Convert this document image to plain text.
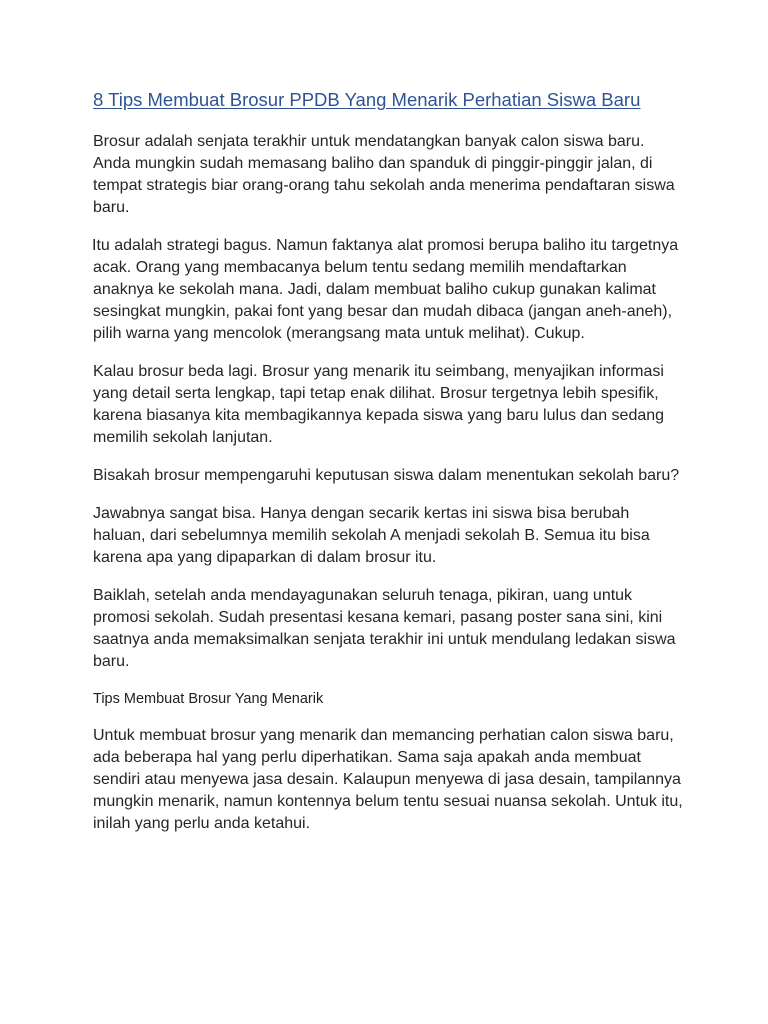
8 Tips Membuat Brosur PPDB Yang Menarik Perhatian Siswa Baru

Brosur adalah senjata terakhir untuk mendatangkan banyak calon siswa baru. Anda mungkin sudah memasang baliho dan spanduk di pinggir-pinggir jalan, di tempat strategis biar orang-orang tahu sekolah anda menerima pendaftaran siswa baru.

Itu adalah strategi bagus. Namun faktanya alat promosi berupa baliho itu targetnya acak. Orang yang membacanya belum tentu sedang memilih mendaftarkan anaknya ke sekolah mana. Jadi, dalam membuat baliho cukup gunakan kalimat sesingkat mungkin, pakai font yang besar dan mudah dibaca (jangan aneh-aneh), pilih warna yang mencolok (merangsang mata untuk melihat). Cukup.

Kalau brosur beda lagi. Brosur yang menarik itu seimbang, menyajikan informasi yang detail serta lengkap, tapi tetap enak dilihat. Brosur tergetnya lebih spesifik, karena biasanya kita membagikannya kepada siswa yang baru lulus dan sedang memilih sekolah lanjutan.

Bisakah brosur mempengaruhi keputusan siswa dalam menentukan sekolah baru?

Jawabnya sangat bisa. Hanya dengan secarik kertas ini siswa bisa berubah haluan, dari sebelumnya memilih sekolah A menjadi sekolah B. Semua itu bisa karena apa yang dipaparkan di dalam brosur itu.

Baiklah, setelah anda mendayagunakan seluruh tenaga, pikiran, uang untuk promosi sekolah. Sudah presentasi kesana kemari, pasang poster sana sini, kini saatnya anda memaksimalkan senjata terakhir ini untuk mendulang ledakan siswa baru.

Tips Membuat Brosur Yang Menarik

Untuk membuat brosur yang menarik dan memancing perhatian calon siswa baru, ada beberapa hal yang perlu diperhatikan. Sama saja apakah anda membuat sendiri atau menyewa jasa desain. Kalaupun menyewa di jasa desain, tampilannya mungkin menarik, namun kontennya belum tentu sesuai nuansa sekolah. Untuk itu, inilah yang perlu anda ketahui.
